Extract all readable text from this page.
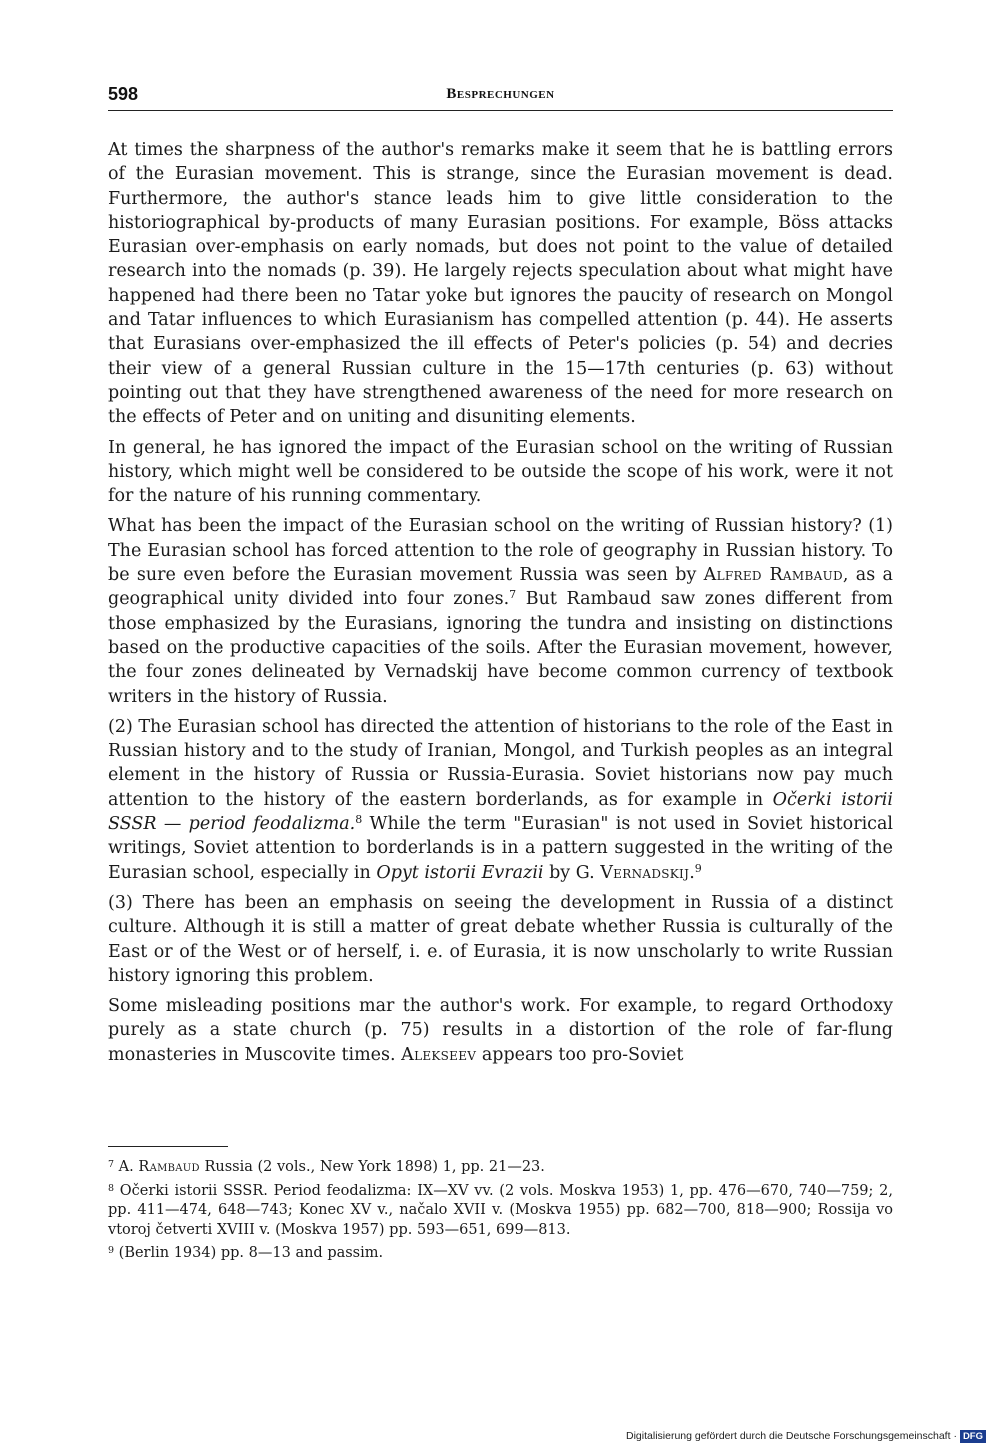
598	Besprechungen

At times the sharpness of the author's remarks make it seem that he is battling errors of the Eurasian movement. This is strange, since the Eurasian movement is dead. Furthermore, the author's stance leads him to give little consideration to the historiographical by-products of many Eurasian positions. For example, Böss attacks Eurasian over-emphasis on early nomads, but does not point to the value of detailed research into the nomads (p. 39). He largely rejects speculation about what might have happened had there been no Tatar yoke but ignores the paucity of research on Mongol and Tatar influences to which Eurasianism has compelled attention (p. 44). He asserts that Eurasians over-emphasized the ill effects of Peter's policies (p. 54) and decries their view of a general Russian culture in the 15—17th centuries (p. 63) without pointing out that they have strengthened awareness of the need for more research on the effects of Peter and on uniting and disuniting elements.

In general, he has ignored the impact of the Eurasian school on the writing of Russian history, which might well be considered to be outside the scope of his work, were it not for the nature of his running commentary.

What has been the impact of the Eurasian school on the writing of Russian history? (1) The Eurasian school has forced attention to the role of geography in Russian history. To be sure even before the Eurasian movement Russia was seen by Alfred Rambaud, as a geographical unity divided into four zones.$^7$ But Rambaud saw zones different from those emphasized by the Eurasians, ignoring the tundra and insisting on distinctions based on the productive capacities of the soils. After the Eurasian movement, however, the four zones delineated by Vernadskij have become common currency of textbook writers in the history of Russia.

(2) The Eurasian school has directed the attention of historians to the role of the East in Russian history and to the study of Iranian, Mongol, and Turkish peoples as an integral element in the history of Russia or Russia-Eurasia. Soviet historians now pay much attention to the history of the eastern borderlands, as for example in Očerki istorii SSSR — period feodalizma.$^8$ While the term "Eurasian" is not used in Soviet historical writings, Soviet attention to borderlands is in a pattern suggested in the writing of the Eurasian school, especially in Opyt istorii Evrazii by G. Vernadskij.$^9$

(3) There has been an emphasis on seeing the development in Russia of a distinct culture. Although it is still a matter of great debate whether Russia is culturally of the East or of the West or of herself, i. e. of Eurasia, it is now unscholarly to write Russian history ignoring this problem.

Some misleading positions mar the author's work. For example, to regard Orthodoxy purely as a state church (p. 75) results in a distortion of the role of far-flung monasteries in Muscovite times. Alekseev appears too pro-Soviet

$^7$ A. Rambaud Russia (2 vols., New York 1898) 1, pp. 21—23.

$^8$ Očerki istorii SSSR. Period feodalizma: IX—XV vv. (2 vols. Moskva 1953) 1, pp. 476—670, 740—759; 2, pp. 411—474, 648—743; Konec XV v., načalo XVII v. (Moskva 1955) pp. 682—700, 818—900; Rossija vo vtoroj četverti XVIII v. (Moskva 1957) pp. 593—651, 699—813.

$^9$ (Berlin 1934) pp. 8—13 and passim.

Digitalisierung gefördert durch die Deutsche Forschungsgemeinschaft · DFG
